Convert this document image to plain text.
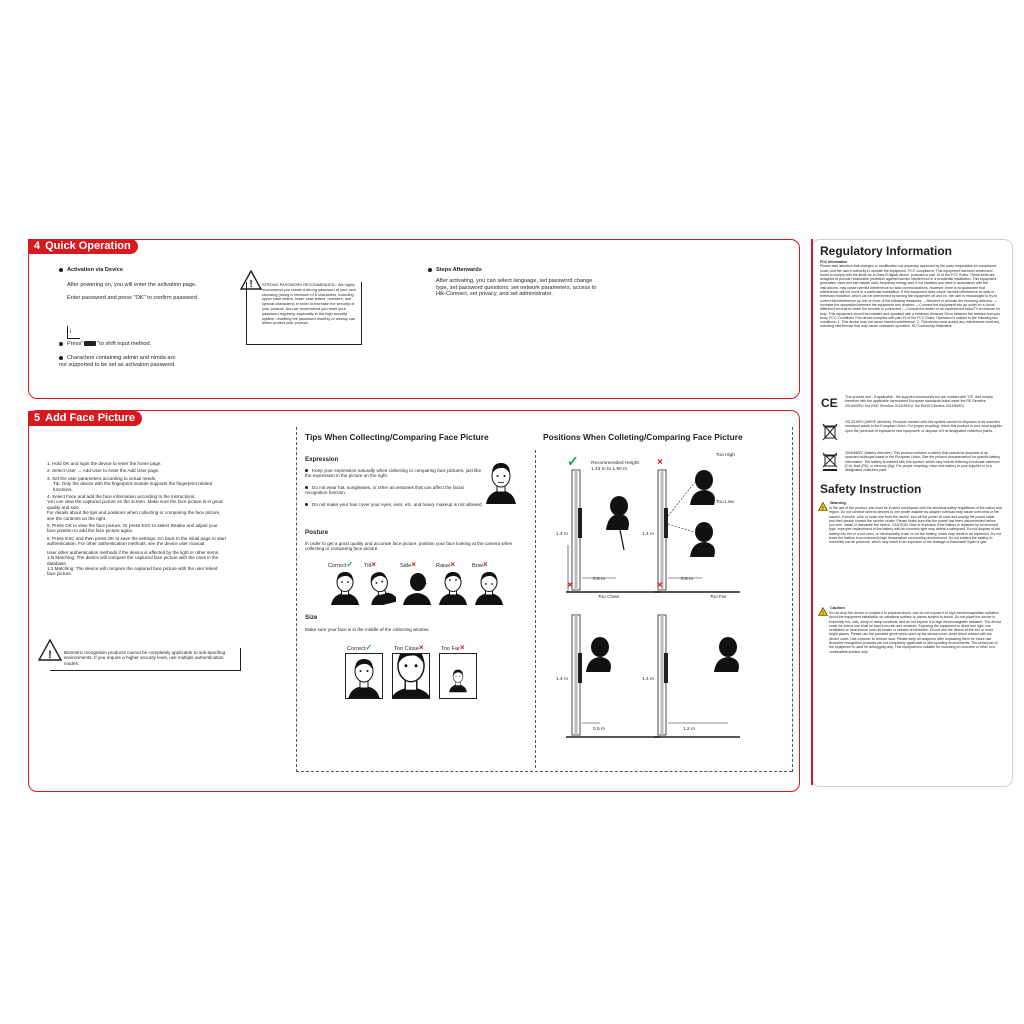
4 Quick Operation
Activation via Device
After powering on, you will enter the activation page.
Enter password and press "OK" to confirm password.
i
Press"	"to shift input method.
Characters containing admin and nimda are not supported to be set as activation password.
! STRONG PASSWORD RECOMMENDED– We highly recommend you create a strong password of your own choosing (using a minimum of 8 characters, including upper case letters, lower case letters, numbers, and special characters) in order to increase the security of your product. And we recommend you reset your password regularly, especially in the high security system, resetting the password monthly or weekly can better protect your product.
Steps Afterwards
After activating, you can select language, set password change type, set password questions, set network parameters, access to Hik-Connect, set privacy, and set administrator.
5 Add Face Picture
1. Hold OK and login the device to enter the home page.
2. Select User → Add User to enter the Add User page.
3. Set the user parameters according to actual needs.
Tip: Only the device with the fingerprint module supports the fingerprint related functions.
4. Select Face and add the face information according to the instructions.
You can view the captured picture on the screen. Make sure the face picture is in good quality and size.
For details about the tips and positions when collecting or comparing the face picture, see the contents on the right.
5. Press OK to view the face picture. Or press ESC to select Retake and adjust your face position to add the face picture again.
6. Press ESC and then press OK to save the settings. Go back to the initial page to start authentication. For other authentication methods, see the device user manual.
User other authentication methods if the device is affected by the light or other items.
1:N Matching: The device will compare the captured face picture with the ones in the database.
1:1 Matching: The device will compare the captured face picture with the user linked face picture.
!	Biometric recognition products cannot be completely applicable to anti-spoofing environments. If you require a higher security level, use multiple authentication modes.
Tips When Collecting/Comparing Face Picture	Positions When Colleting/Comparing Face Picture
Expression
Keep your expression naturally when collecting or comparing face pictures, just like the expression in the picture on the right.
Do not wear hat, sunglasses, or other accessories that can affect the facial recognition function.
Do not make your hair cover your eyes, ears, etc. and heavy makeup is not allowed.
Posture
In order to get a good quality and accurate face picture, position your face looking at the camera when collecting or comparing face picture.
Correct✓ Tilt×	Side×	Raise×	Bow×
Size
Make sure your face is in the middle of the collecting window.
Correct✓	Too Close×	Too Far×
✓	Recommended Height:
1.43 m to 1.90 m
×
Too High
Too Low
1.4 m	1.4 m
0.5 m	0.5 m
×
Too Close
×
Too Far
1.4 m	1.4 m
0.5 m	1.2 m
Regulatory Information
FCC Information
Please take attention that changes or modification not expressly approved by the party responsible for compliance could void the user's authority to operate the equipment. FCC compliance: This equipment has been tested and found to comply with the limits for a Class B digital device, pursuant to part 15 of the FCC Rules. These limits are designed to provide reasonable protection against harmful interference in a residential installation. This equipment generates, uses and can radiate radio frequency energy and, if not installed and used in accordance with the instructions, may cause harmful interference to radio communications. However, there is no guarantee that interference will not occur in a particular installation. If this equipment does cause harmful interference to radio or television reception, which can be determined by turning the equipment off and on, the user is encouraged to try to correct the interference by one or more of the following measures: —Reorient or relocate the receiving antenna. —Increase the separation between the equipment and receiver. —Connect the equipment into an outlet on a circuit different from that to which the receiver is connected. —Consult the dealer or an experienced radio/TV technician for help. This equipment should be installed and operated with a minimum distance 20cm between the radiator and your body. FCC Conditions This device complies with part 15 of the FCC Rules. Operation is subject to the following two conditions: 1. This device may not cause harmful interference. 2. This device must accept any interference received, including interference that may cause undesired operation. EU Conformity Statement
CE This product and - if applicable - the supplied accessories too are marked with "CE" and comply therefore with the applicable harmonized European standards listed under the RE Directive 2014/53/EU, the EMC Directive 2014/30/EU, the RoHS Directive 2011/65/EU.
2012/19/EU (WEEE directive): Products marked with this symbol cannot be disposed of as unsorted municipal waste in the European Union. For proper recycling, return this product to your local supplier upon the purchase of equivalent new equipment, or dispose of it at designated collection points.
2006/66/EC (battery directive): This product contains a battery that cannot be disposed of as unsorted municipal waste in the European Union. See the product documentation for specific battery information. The battery is marked with this symbol, which may include lettering to indicate cadmium (Cd), lead (Pb), or mercury (Hg). For proper recycling, return the battery to your supplier or to a designated collection point.
Safety Instruction
!
Warning
In the use of the product, you must be in strict compliance with the electrical safety regulations of the nation and region. Do not connect several devices to one power adapter as adapter overload may cause over-heat or fire hazard. If smoke, odor or noise rise from the device, turn off the power at once and unplug the power cable, and then please contact the service center. Please make sure that the power has been disconnected before you wire, install or dismantle the device. CAUTION: Risk of explosion if the battery is replaced by an incorrect type. Improper replacement of the battery with an incorrect type may defeat a safeguard. Do not dispose of the battery into fire or a hot oven, or mechanically crush or cut the battery, which may result in an explosion. Do not leave the battery in an extremely high temperature surrounding environment. Do not subject the battery to extremely low air pressure, which may result in an explosion or the leakage of flammable liquid or gas.
!
Caution
Do not drop the device or subject it to physical shock, and do not expose it to high electromagnetism radiation. Avoid the equipment installation on vibrations surface or places subject to shock. Do not place the device in extremely hot, cold, dusty or damp locations, and do not expose it to high electromagnetic radiation. The device cover for indoor use shall be kept from rain and moisture. Exposing the equipment to direct sun light, low ventilation or heat source such as heater or radiator is forbidden. Do not aim the device at the sun or extra bright places. Please use the provided glove when open up the device cover, avoid direct contact with the device cover. Use a blower to remove dust. Please keep all wrappers after unpacking them for future use. Biometric recognition products are not completely applicable to anti-spoofing environments. The serial port of the equipment is used for debugging only. This equipment is suitable for mounting on concrete or other non-combustible surface only.
